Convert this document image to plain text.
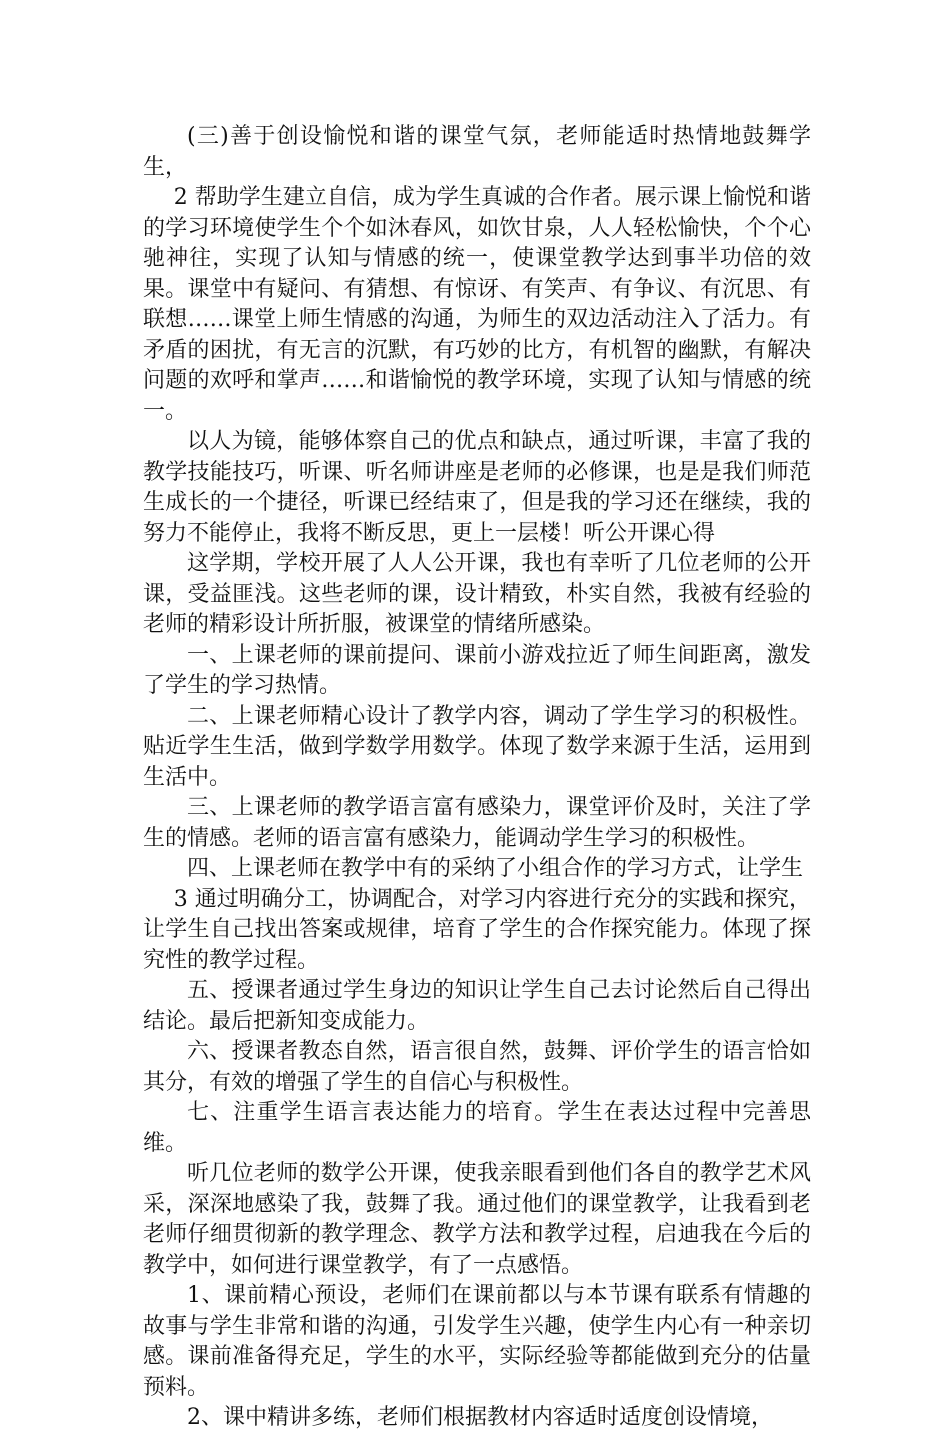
(三)善于创设愉悦和谐的课堂气氛，老师能适时热情地鼓舞学生，

2 帮助学生建立自信，成为学生真诚的合作者。展示课上愉悦和谐的学习环境使学生个个如沐春风，如饮甘泉，人人轻松愉快，个个心驰神往，实现了认知与情感的统一，使课堂教学达到事半功倍的效果。课堂中有疑问、有猜想、有惊讶、有笑声、有争议、有沉思、有联想……课堂上师生情感的沟通，为师生的双边活动注入了活力。有矛盾的困扰，有无言的沉默，有巧妙的比方，有机智的幽默，有解决问题的欢呼和掌声……和谐愉悦的教学环境，实现了认知与情感的统一。

以人为镜，能够体察自己的优点和缺点，通过听课，丰富了我的教学技能技巧，听课、听名师讲座是老师的必修课，也是是我们师范生成长的一个捷径，听课已经结束了，但是我的学习还在继续，我的努力不能停止，我将不断反思，更上一层楼！听公开课心得

这学期，学校开展了人人公开课，我也有幸听了几位老师的公开课，受益匪浅。这些老师的课，设计精致，朴实自然，我被有经验的老师的精彩设计所折服，被课堂的情绪所感染。

一、上课老师的课前提问、课前小游戏拉近了师生间距离，激发了学生的学习热情。

二、上课老师精心设计了教学内容，调动了学生学习的积极性。贴近学生生活，做到学数学用数学。体现了数学来源于生活，运用到生活中。

三、上课老师的教学语言富有感染力，课堂评价及时，关注了学生的情感。老师的语言富有感染力，能调动学生学习的积极性。

四、上课老师在教学中有的采纳了小组合作的学习方式，让学生

3 通过明确分工，协调配合，对学习内容进行充分的实践和探究，让学生自己找出答案或规律，培育了学生的合作探究能力。体现了探究性的教学过程。

五、授课者通过学生身边的知识让学生自己去讨论然后自己得出结论。最后把新知变成能力。

六、授课者教态自然，语言很自然，鼓舞、评价学生的语言恰如其分，有效的增强了学生的自信心与积极性。

七、注重学生语言表达能力的培育。学生在表达过程中完善思维。

听几位老师的数学公开课，使我亲眼看到他们各自的教学艺术风采，深深地感染了我，鼓舞了我。通过他们的课堂教学，让我看到老老师仔细贯彻新的教学理念、教学方法和教学过程，启迪我在今后的教学中，如何进行课堂教学，有了一点感悟。

1、课前精心预设，老师们在课前都以与本节课有联系有情趣的故事与学生非常和谐的沟通，引发学生兴趣，使学生内心有一种亲切感。课前准备得充足，学生的水平，实际经验等都能做到充分的估量预料。

2、课中精讲多练，老师们根据教材内容适时适度创设情境，
